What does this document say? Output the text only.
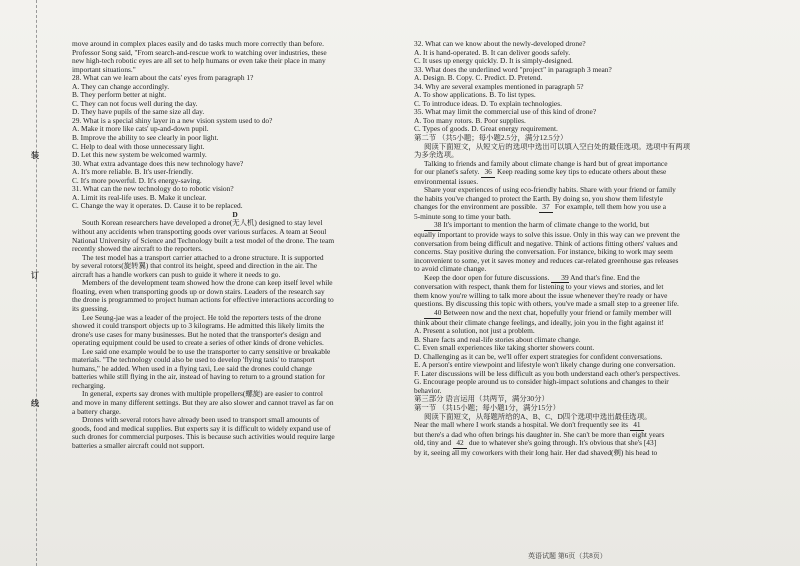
装
订
线
move around in complex places easily and do tasks much more correctly than before.
Professor Song said, "From search-and-rescue work to watching over industries, these
new high-tech robotic eyes are all set to help humans or even take their place in many
important situations."
28. What can we learn about the cats' eyes from paragraph 1?
A. They can change accordingly.
B. They perform better at night.
C. They can not focus well during the day.
D. They have pupils of the same size all day.
29. What is a special shiny layer in a new vision system used to do?
A. Make it more like cats' up-and-down pupil.
B. Improve the ability to see clearly in poor light.
C. Help to deal with those unnecessary light.
D. Let this new system be welcomed warmly.
30. What extra advantage does this new technology have?
A. It's more reliable. B. It's user-friendly.
C. It's more powerful. D. It's energy-saving.
31. What can the new technology do to robotic vision?
A. Limit its real-life uses. B. Make it unclear.
C. Change the way it operates. D. Cause it to be replaced.
D
South Korean researchers have developed a drone(无人机) designed to stay level
without any accidents when transporting goods over various surfaces. A team at Seoul
National University of Science and Technology built a test model of the drone. The team
recently showed the aircraft to the reporters.
The test model has a transport carrier attached to a drone structure. It is supported
by several rotors(旋转翼) that control its height, speed and direction in the air. The
aircraft has a handle workers can push to guide it where it needs to go.
Members of the development team showed how the drone can keep itself level while
floating, even when transporting goods up or down stairs. Leaders of the research say
the drone is programmed to project human actions for effective interactions according to
its guessing.
Lee Seung-jae was a leader of the project. He told the reporters tests of the drone
showed it could transport objects up to 3 kilograms. He admitted this likely limits the
drone's use cases for many businesses. But he noted that the transporter's design and
operating equipment could be used to create a series of other kinds of drone vehicles.
Lee said one example would be to use the transporter to carry sensitive or breakable
materials. "The technology could also be used to develop 'flying taxis' to transport
humans," he added. When used in a flying taxi, Lee said the drones could change
batteries while still flying in the air, instead of having to return to a ground station for
recharging.
In general, experts say drones with multiple propellers(螺旋) are easier to control
and move in many different settings. But they are also slower and cannot travel as far on
a battery charge.
Drones with several rotors have already been used to transport small amounts of
goods, food and medical supplies. But experts say it is difficult to widely expand use of
such drones for commercial purposes. This is because such activities would require large
batteries a smaller aircraft could not support.
32. What can we know about the newly-developed drone?
A. It is hand-operated. B. It can deliver goods safely.
C. It uses up energy quickly. D. It is simply-designed.
33. What does the underlined word "project" in paragraph 3 mean?
A. Design. B. Copy. C. Predict. D. Pretend.
34. Why are several examples mentioned in paragraph 5?
A. To show applications. B. To list types.
C. To introduce ideas. D. To explain technologies.
35. What may limit the commercial use of this kind of drone?
A. Too many rotors. B. Poor supplies.
C. Types of goods. D. Great energy requirement.
第二节 （共5小题；每小题2.5分，满分12.5分）
阅读下面短文，从短文后的选项中选出可以填入空白处的最佳选项。选项中有两项
为多余选项。
Talking to friends and family about climate change is hard but of great importance
for our planet's safety. 36 Keep reading some key tips to educate others about these
environmental issues.
Share your experiences of using eco-friendly habits. Share with your friend or family
the habits you've changed to protect the Earth. By doing so, you show them lifestyle
changes for the environment are possible. 37 For example, tell them how you use a
5-minute song to time your bath.
38 It's important to mention the harm of climate change to the world, but
equally important to provide ways to solve this issue. Only in this way can we prevent the
conversation from being difficult and negative. Think of actions fitting others' values and
concerns. Stay positive during the conversation. For instance, biking to work may seem
inconvenient to some, yet it saves money and reduces car-related greenhouse gas releases
to avoid climate change.
Keep the door open for future discussions. 39 And that's fine. End the
conversation with respect, thank them for listening to your views and stories, and let
them know you're willing to talk more about the issue whenever they're ready or have
questions. By discussing this topic with others, you've made a small step to a greener life.
40 Between now and the next chat, hopefully your friend or family member will
think about their climate change feelings, and ideally, join you in the fight against it!
A. Present a solution, not just a problem.
B. Share facts and real-life stories about climate change.
C. Even small experiences like taking shorter showers count.
D. Challenging as it can be, we'll offer expert strategies for confident conversations.
E. A person's entire viewpoint and lifestyle won't likely change during one conversation.
F. Later discussions will be less difficult as you both understand each other's perspectives.
G. Encourage people around us to consider high-impact solutions and changes to their
behavior.
第三部分 语言运用（共两节，满分30分）
第一节 （共15小题；每小题1分，满分15分）
阅读下面短文，从每题所给的A、B、C、D四个选项中选出最佳选项。
Near the mall where I work stands a hospital. We don't frequently see its 41
but there's a dad who often brings his daughter in. She can't be more than eight years
old, tiny and 42 due to whatever she's going through. It's obvious that she's [43]
by it, seeing all my coworkers with their long hair. Her dad shaved(剃) his head to
英语试题 第6页（共8页）
